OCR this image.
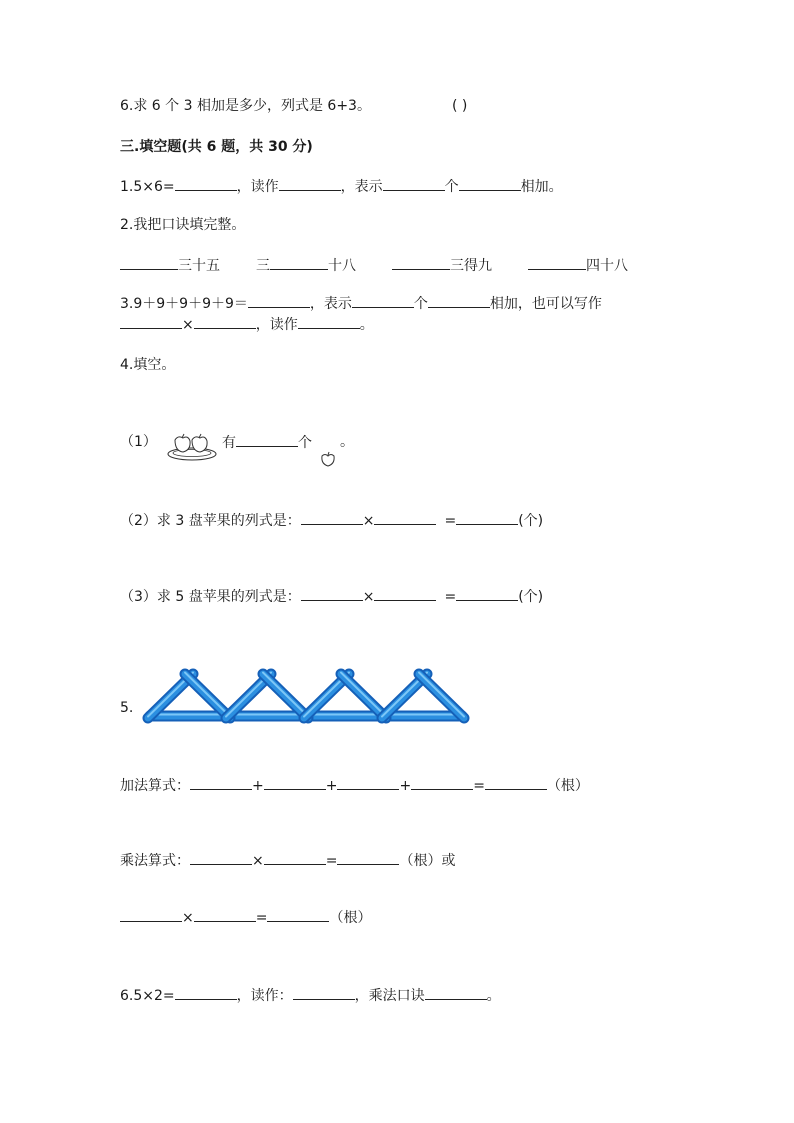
6.求 6 个 3 相加是多少，列式是 6+3。	( )
三.填空题(共 6 题，共 30 分)
1.5×6=	，读作	，表示	个	相加。
2.我把口诀填完整。
三十五	三	十八	三得九	四十八
3.9＋9＋9＋9＋9＝	，表示	个	相加，也可以写作
×	，读作	。
4.填空。
（1）	有	个 。
（2）求 3 盘苹果的列式是：	×	=	(个)
（3）求 5 盘苹果的列式是：	×	=	(个)
5.
加法算式：	+	+	+	=	（根）
乘法算式：	×	=	（根）或
×	=	（根）
6.5×2=	，读作：	，乘法口诀	。
